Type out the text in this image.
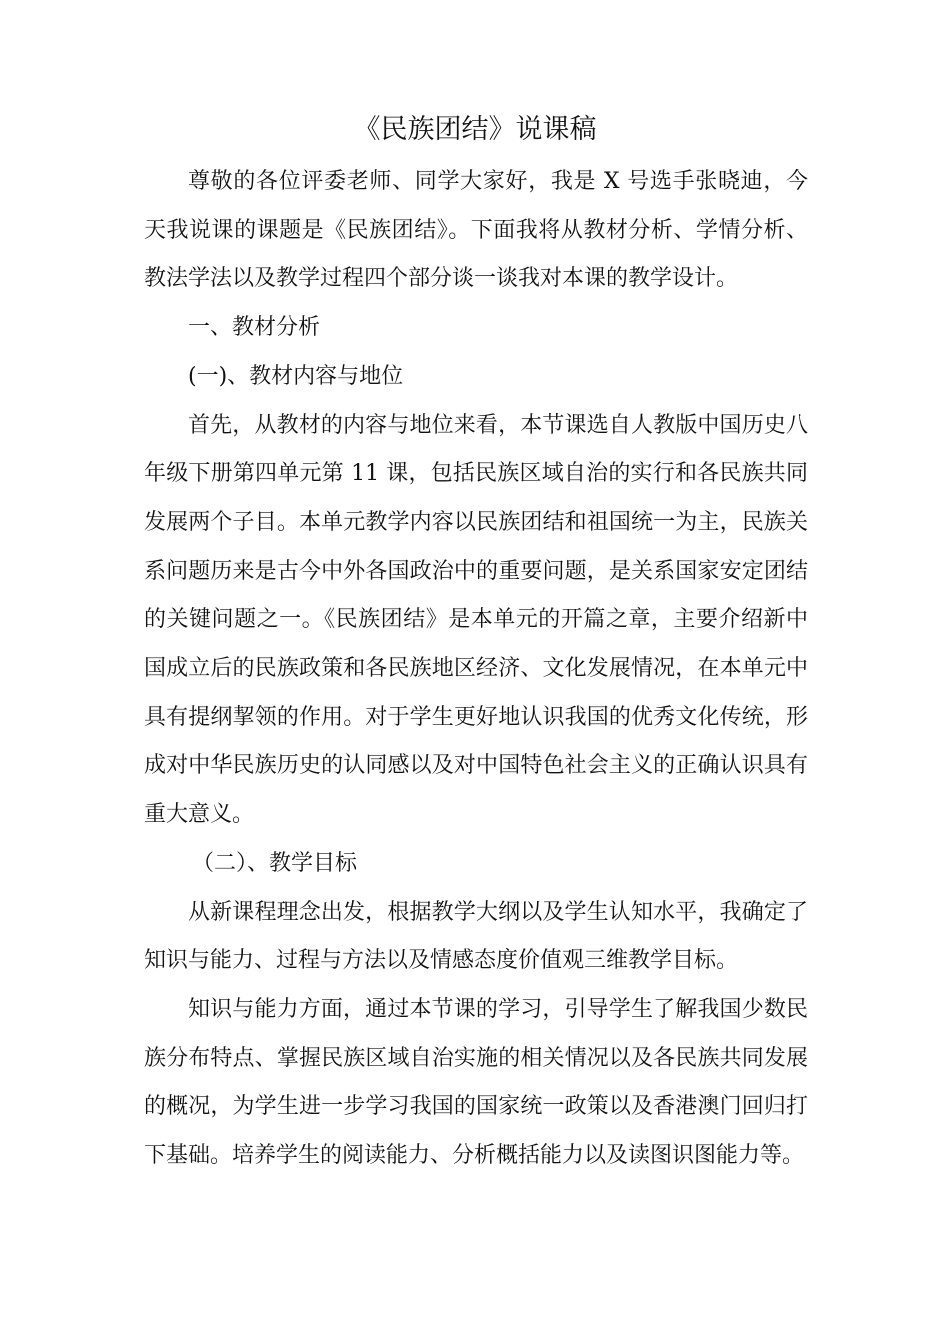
《民族团结》说课稿

尊敬的各位评委老师、同学大家好，我是 X 号选手张晓迪，今天我说课的课题是《民族团结》。下面我将从教材分析、学情分析、教法学法以及教学过程四个部分谈一谈我对本课的教学设计。

一、教材分析

(一)、教材内容与地位

首先，从教材的内容与地位来看，本节课选自人教版中国历史八年级下册第四单元第 11 课，包括民族区域自治的实行和各民族共同发展两个子目。本单元教学内容以民族团结和祖国统一为主，民族关系问题历来是古今中外各国政治中的重要问题，是关系国家安定团结的关键问题之一。《民族团结》是本单元的开篇之章，主要介绍新中国成立后的民族政策和各民族地区经济、文化发展情况，在本单元中具有提纲挈领的作用。对于学生更好地认识我国的优秀文化传统，形成对中华民族历史的认同感以及对中国特色社会主义的正确认识具有重大意义。

（二）、教学目标

从新课程理念出发，根据教学大纲以及学生认知水平，我确定了知识与能力、过程与方法以及情感态度价值观三维教学目标。

知识与能力方面，通过本节课的学习，引导学生了解我国少数民族分布特点、掌握民族区域自治实施的相关情况以及各民族共同发展的概况，为学生进一步学习我国的国家统一政策以及香港澳门回归打下基础。培养学生的阅读能力、分析概括能力以及读图识图能力等。
